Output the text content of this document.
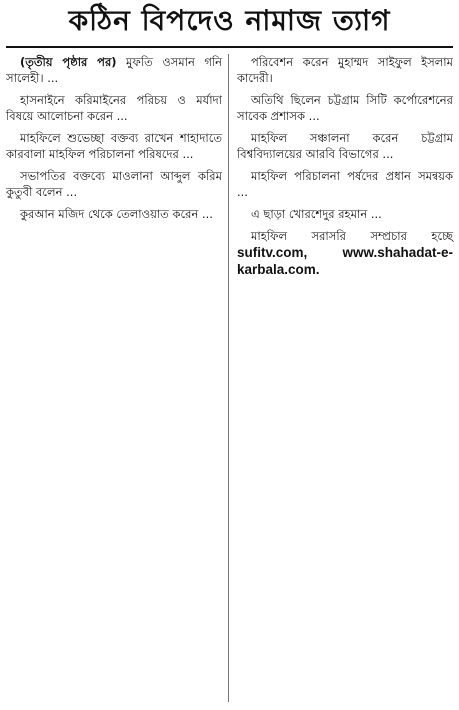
কঠিন বিপদেও নামাজ ত্যাগ

(তৃতীয় পৃষ্ঠার পর) মুফতি ওসমান গনি সালেহী। ...

হাসনাইনে করিমাইনের পরিচয় ও মর্যাদা বিষয়ে আলোচনা করেন ...

মাহফিলে শুভেচ্ছা বক্তব্য রাখেন শাহাদাতে কারবালা মাহফিল পরিচালনা পরিষদের ...

সভাপতির বক্তব্যে মাওলানা আব্দুল করিম কুতুবী বলেন ...

কুরআন মজিদ থেকে তেলাওয়াত করেন ...

পরিবেশন করেন মুহাম্মদ সাইফুল ইসলাম কাদেরী।

অতিথি ছিলেন চট্টগ্রাম সিটি কর্পোরেশনের সাবেক প্রশাসক ...

মাহফিল সঞ্চালনা করেন চট্টগ্রাম বিশ্ববিদ্যালয়ের আরবি বিভাগের ...

মাহফিল পরিচালনা পর্ষদের প্রধান সমন্বয়ক ...

এ ছাড়া খোরশেদুর রহমান ...

মাহফিল সরাসরি সম্প্রচার হচ্ছে sufitv.com, www.shahadat-e-karbala.com.
